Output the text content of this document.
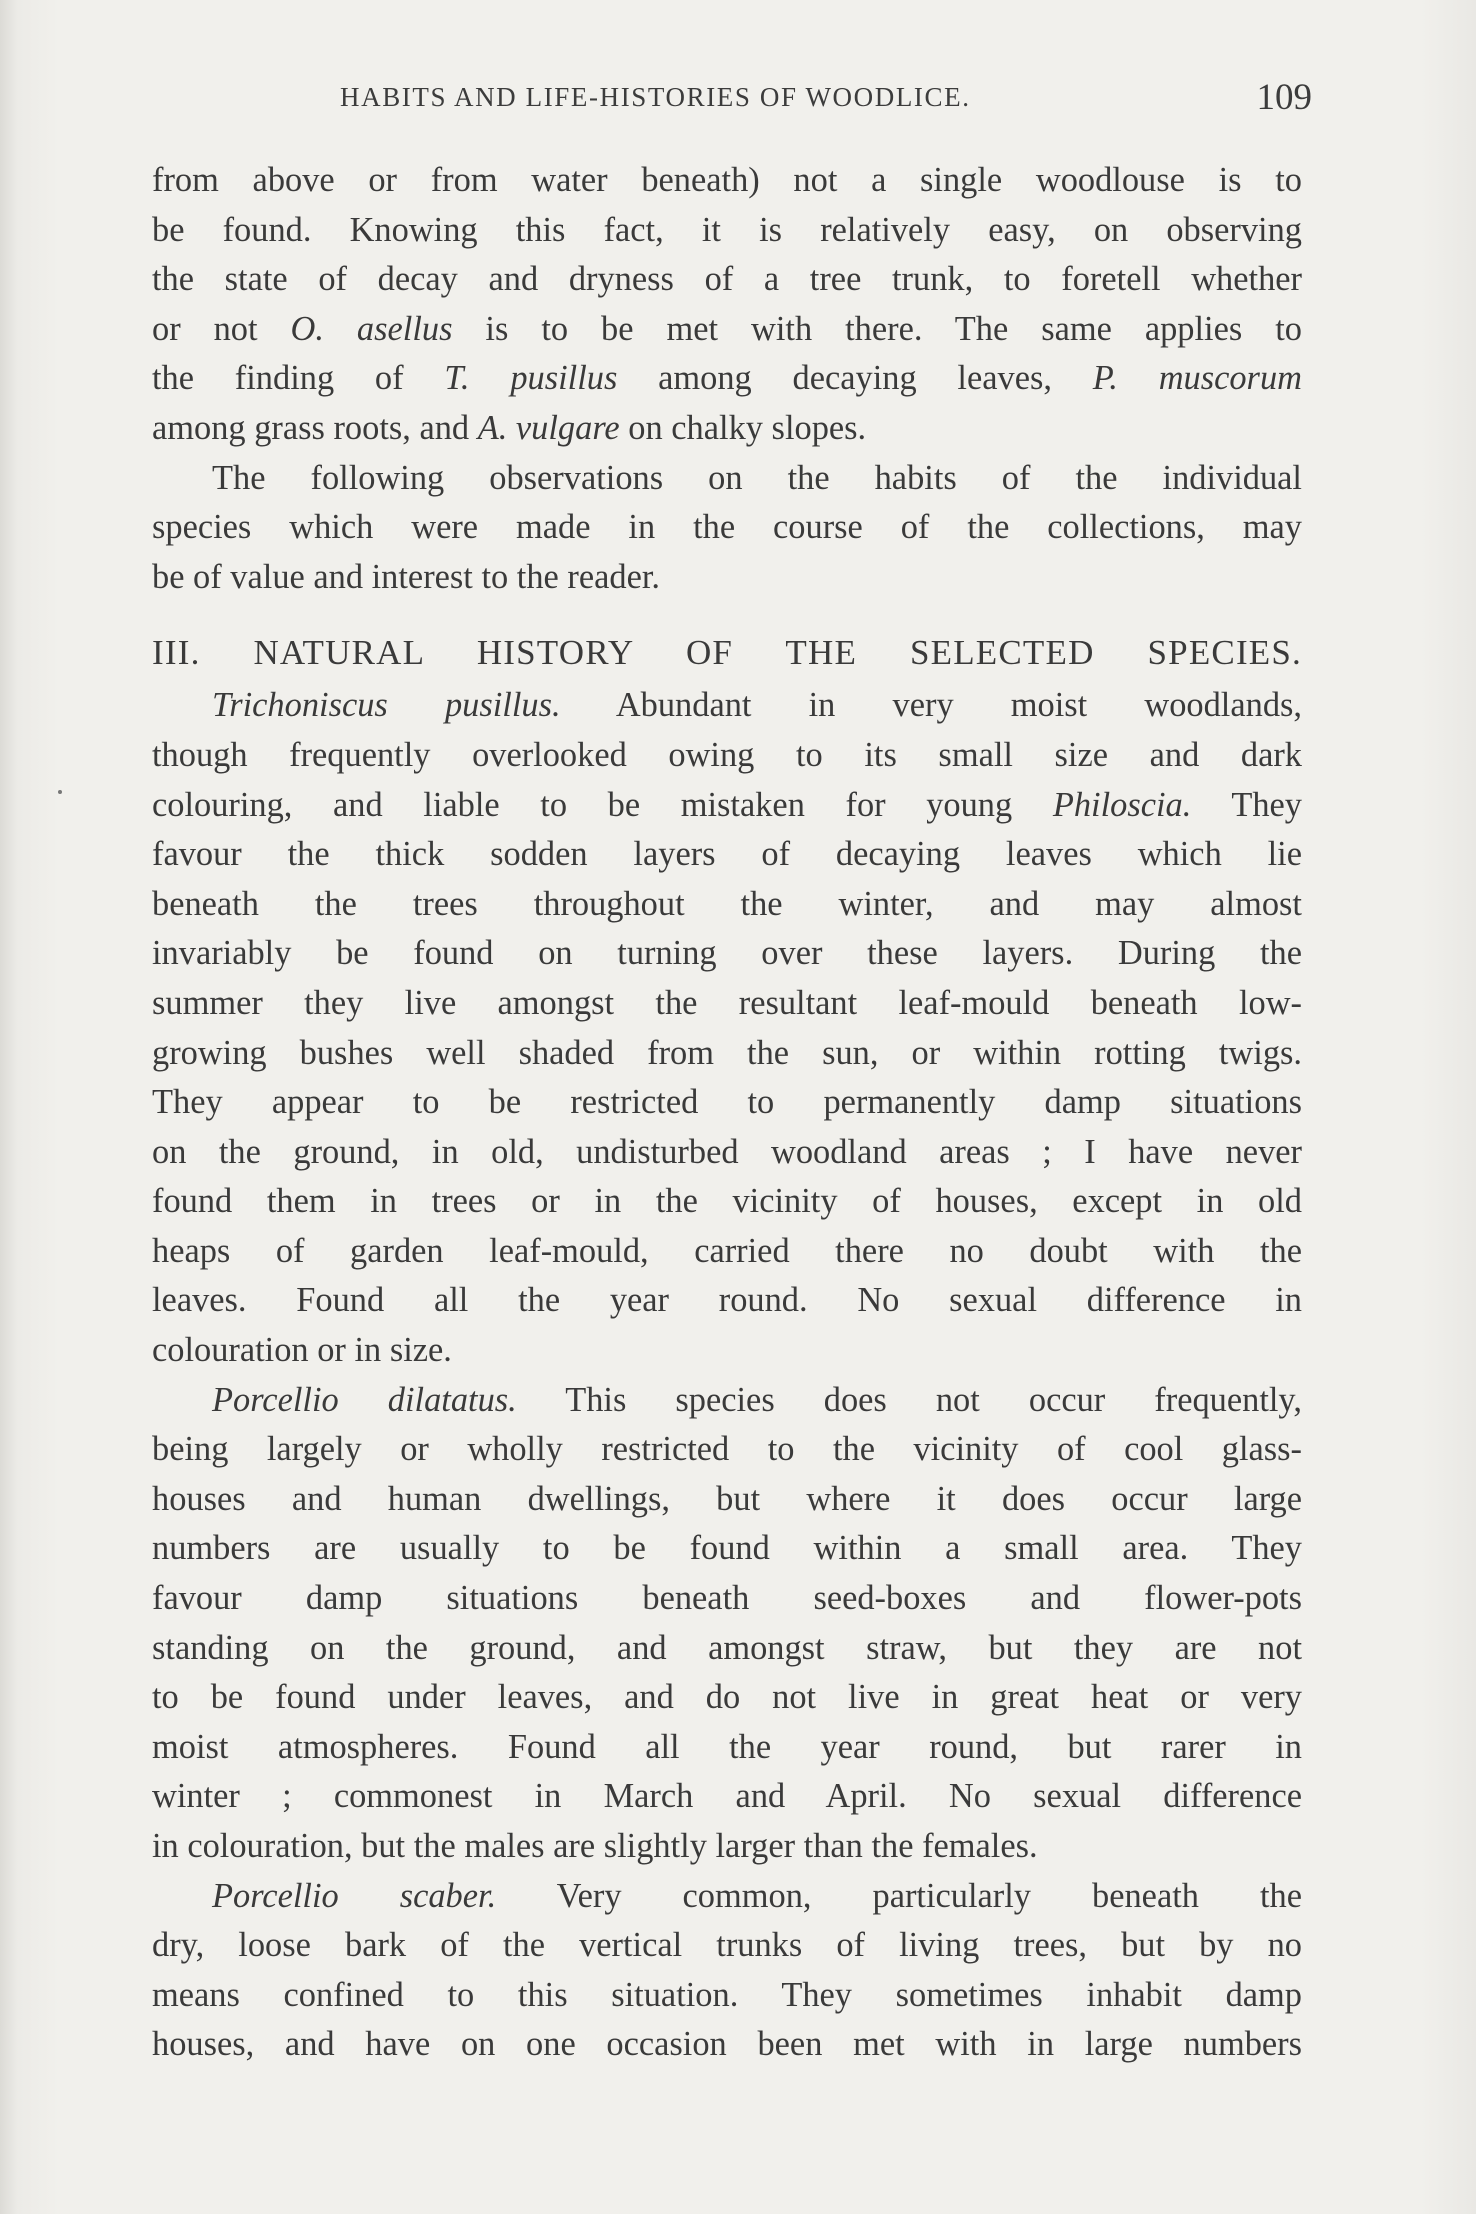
HABITS AND LIFE-HISTORIES OF WOODLICE.	109
from above or from water beneath) not a single woodlouse is to
be found. Knowing this fact, it is relatively easy, on observing
the state of decay and dryness of a tree trunk, to foretell whether
or not O. asellus is to be met with there. The same applies to
the finding of T. pusillus among decaying leaves, P. muscorum
among grass roots, and A. vulgare on chalky slopes.
The following observations on the habits of the individual
species which were made in the course of the collections, may
be of value and interest to the reader.
III. NATURAL HISTORY OF THE SELECTED SPECIES.
Trichoniscus pusillus. Abundant in very moist woodlands,
though frequently overlooked owing to its small size and dark
colouring, and liable to be mistaken for young Philoscia. They
favour the thick sodden layers of decaying leaves which lie
beneath the trees throughout the winter, and may almost
invariably be found on turning over these layers. During the
summer they live amongst the resultant leaf-mould beneath low-
growing bushes well shaded from the sun, or within rotting twigs.
They appear to be restricted to permanently damp situations
on the ground, in old, undisturbed woodland areas ; I have never
found them in trees or in the vicinity of houses, except in old
heaps of garden leaf-mould, carried there no doubt with the
leaves. Found all the year round. No sexual difference in
colouration or in size.
Porcellio dilatatus. This species does not occur frequently,
being largely or wholly restricted to the vicinity of cool glass-
houses and human dwellings, but where it does occur large
numbers are usually to be found within a small area. They
favour damp situations beneath seed-boxes and flower-pots
standing on the ground, and amongst straw, but they are not
to be found under leaves, and do not live in great heat or very
moist atmospheres. Found all the year round, but rarer in
winter ; commonest in March and April. No sexual difference
in colouration, but the males are slightly larger than the females.
Porcellio scaber. Very common, particularly beneath the
dry, loose bark of the vertical trunks of living trees, but by no
means confined to this situation. They sometimes inhabit damp
houses, and have on one occasion been met with in large numbers
